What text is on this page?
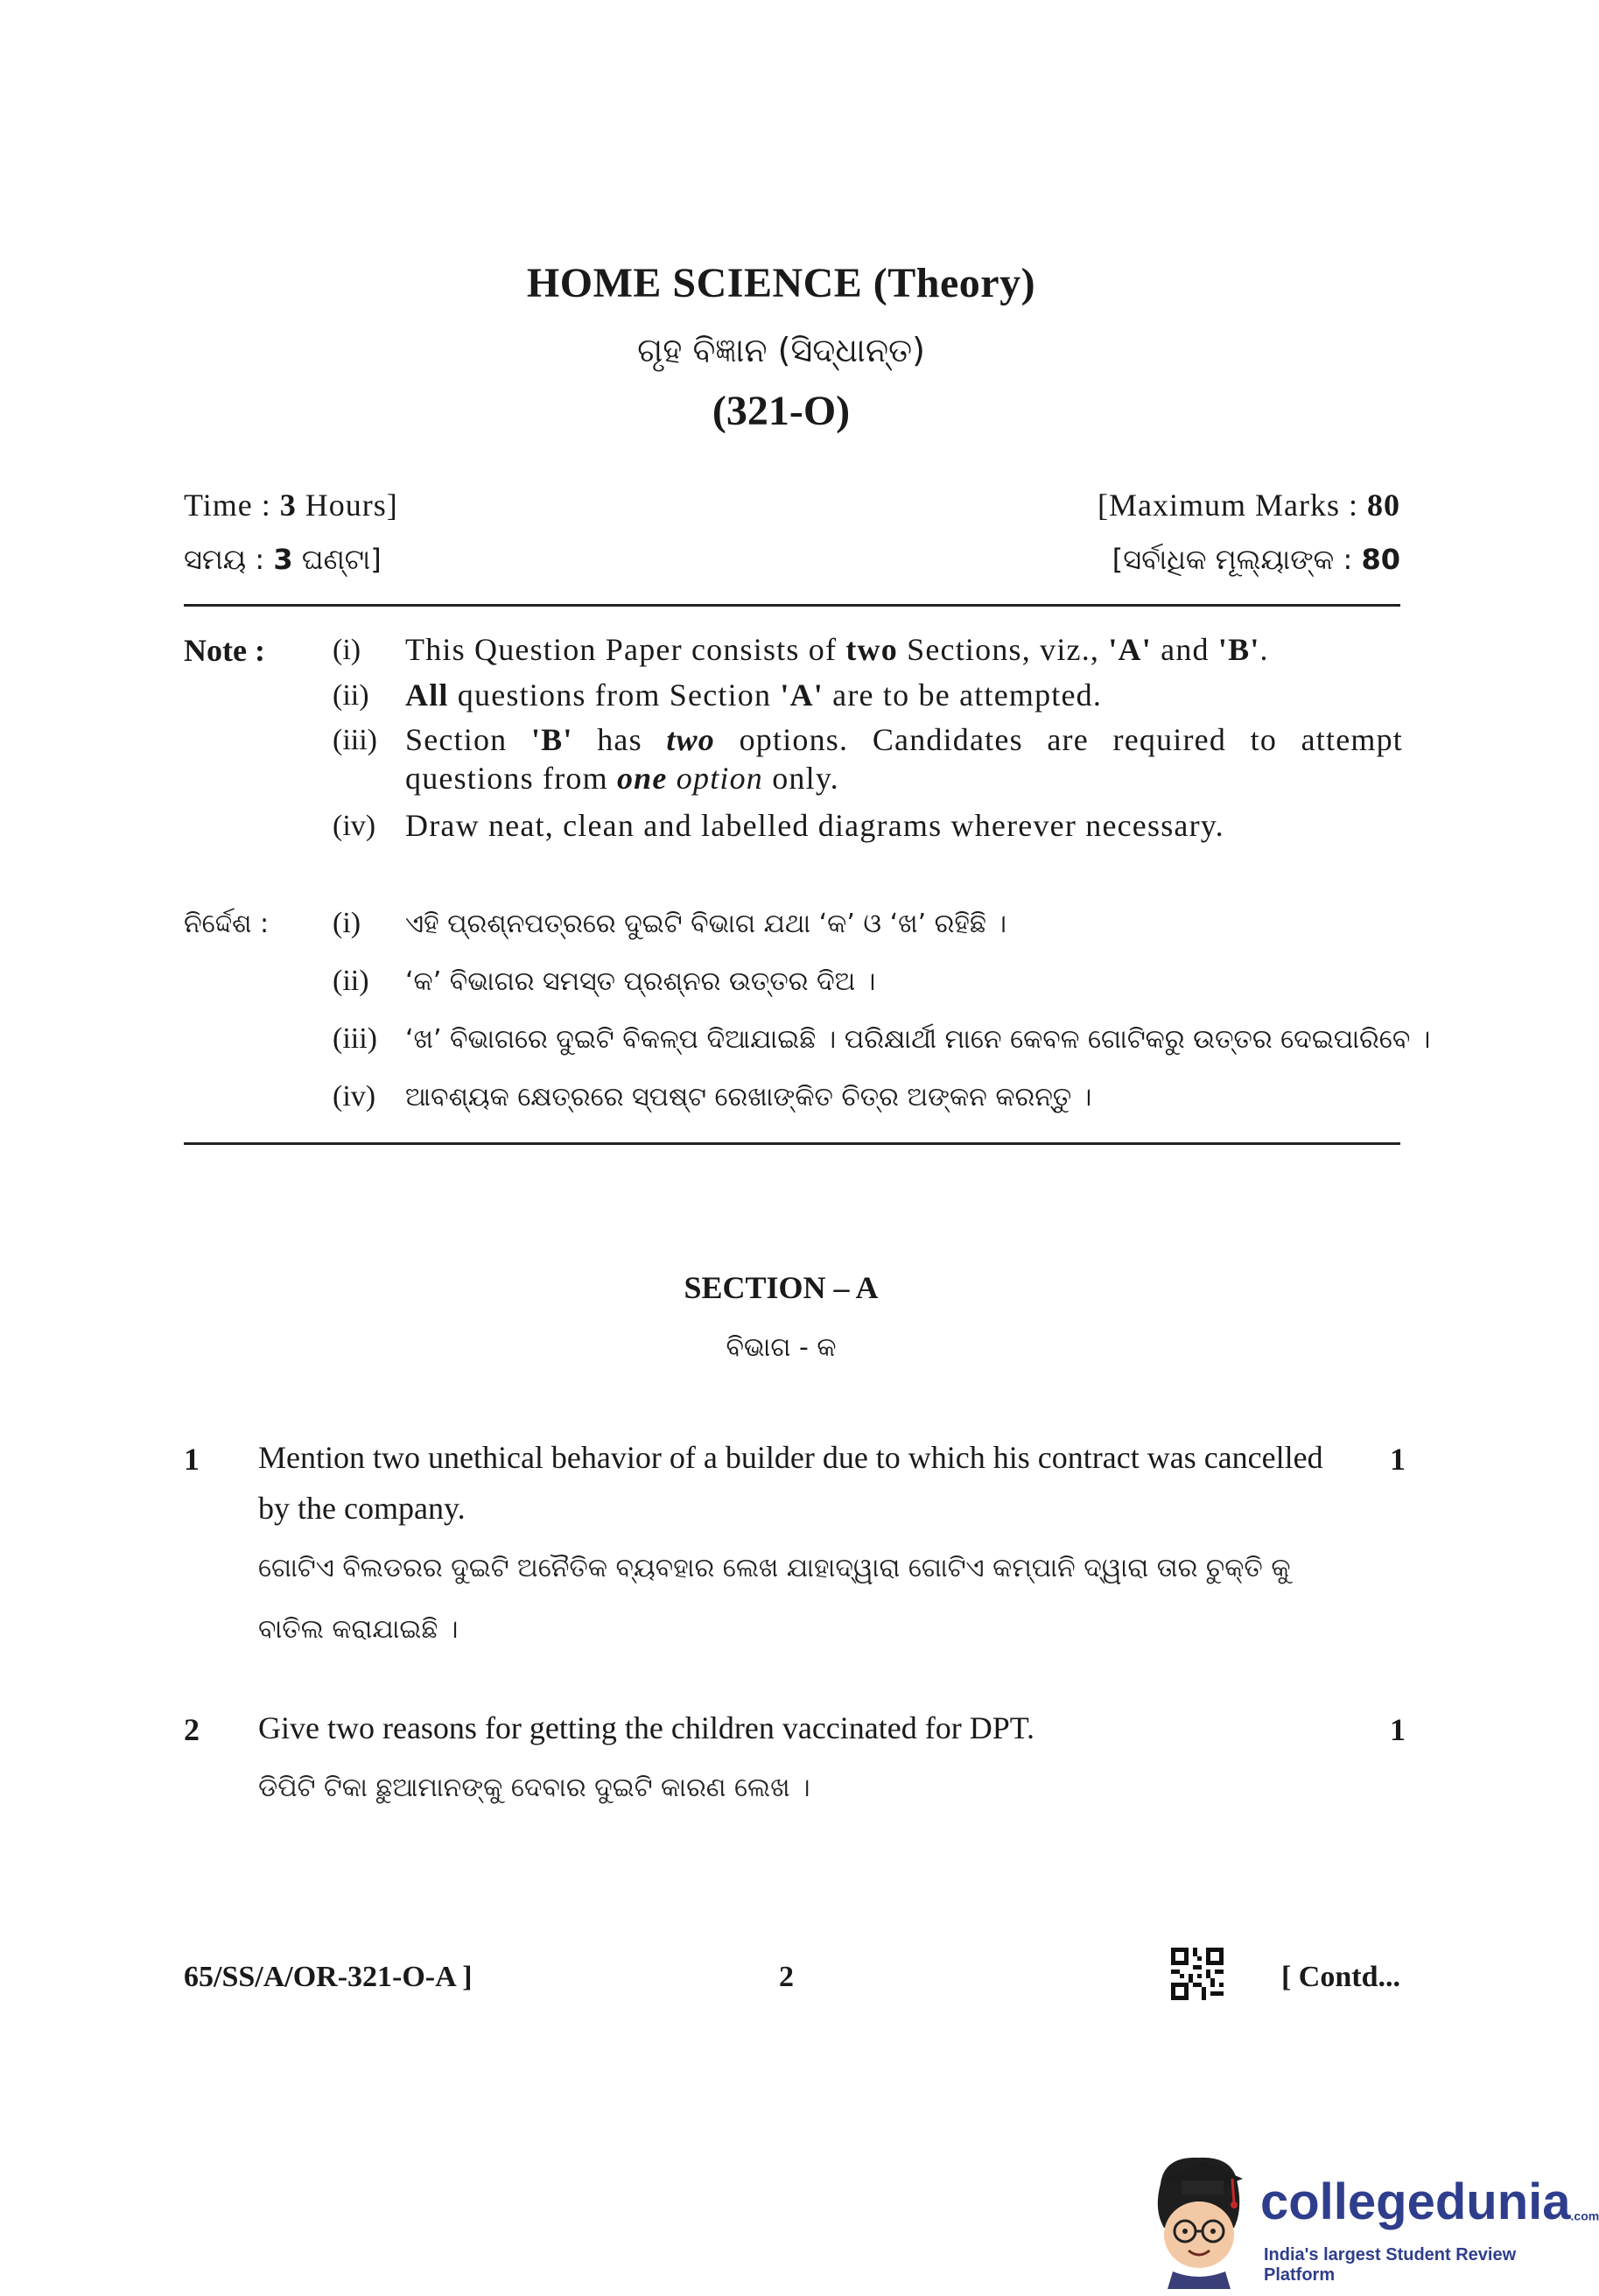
HOME SCIENCE (Theory)
ଗୃହ ବିଜ୍ଞାନ (ସିଦ୍ଧାନ୍ତ)
(321-O)
Time : 3 Hours]	[Maximum Marks : 80
ସମୟ : 3 ଘଣ୍ଟା]	[ସର୍ବାଧିକ ମୂଲ୍ୟାଙ୍କ : 80
Note : (i) This Question Paper consists of two Sections, viz., 'A' and 'B'.
(ii) All questions from Section 'A' are to be attempted.
(iii) Section 'B' has two options. Candidates are required to attempt questions from one option only.
(iv) Draw neat, clean and labelled diagrams wherever necessary.
ନିର୍ଦ୍ଦେଶ : (i) ଏହି ପ୍ରଶ୍ନପତ୍ରରେ ଦୁଇଟି ବିଭାଗ ଯଥା ‘କ’ ଓ ‘ଖ’ ରହିଛି ।
(ii) ‘କ’ ବିଭାଗର ସମସ୍ତ ପ୍ରଶ୍ନର ଉତ୍ତର ଦିଅ ।
(iii) ‘ଖ’ ବିଭାଗରେ ଦୁଇଟି ବିକଳ୍ପ ଦିଆଯାଇଛି । ପରିକ୍ଷାର୍ଥୀ ମାନେ କେବଳ ଗୋଟିକରୁ ଉତ୍ତର ଦେଇପାରିବେ ।
(iv) ଆବଶ୍ୟକ କ୍ଷେତ୍ରରେ ସ୍ପଷ୍ଟ ରେଖାଙ୍କିତ ଚିତ୍ର ଅଙ୍କନ କରନ୍ତୁ ।
SECTION – A
ବିଭାଗ - କ
1 Mention two unethical behavior of a builder due to which his contract was cancelled by the company.
ଗୋଟିଏ ବିଲଡରର ଦୁଇଟି ଅନୈତିକ ବ୍ୟବହାର ଲେଖ ଯାହାଦ୍ୱାରା ଗୋଟିଏ କମ୍ପାନି ଦ୍ୱାରା ତାର ଚୁକ୍ତି କୁ ବାତିଲ କରାଯାଇଛି ।
1
2 Give two reasons for getting the children vaccinated for DPT.
ଡିପିଟି ଟିକା ଛୁଆମାନଙ୍କୁ ଦେବାର ଦୁଇଟି କାରଣ ଲେଖ ।
1
65/SS/A/OR-321-O-A ]	2	[ Contd...
collegedunia.com
India's largest Student Review Platform
